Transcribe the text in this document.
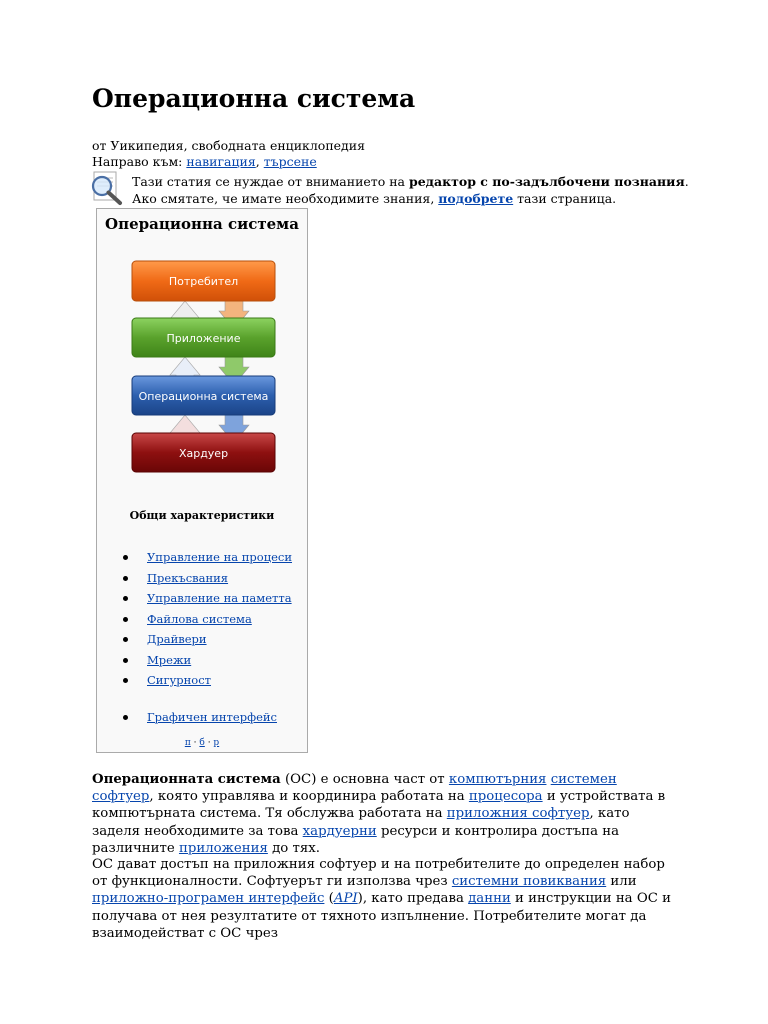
Операционна система
от Уикипедия, свободната енциклопедия
Направо към: навигация, търсене
Тази статия се нуждае от вниманието на редактор с по-задълбочени познания.
Ако смятате, че имате необходимите знания, подобрете тази страница.
Операционна система
Потребител
Приложение
Операционна система
Хардуер
Общи характеристики
Управление на процеси
Прекъсвания
Управление на паметта
Файлова система
Драйвери
Мрежи
Сигурност
Графичен интерфейс
п · б · р

Операционната система (ОС) е основна част от компютърния системен софтуер, която управлява и координира работата на процесора и устройствата в компютърната система. Тя обслужва работата на приложния софтуер, като заделя необходимите за това хардуерни ресурси и контролира достъпа на различните приложения до тях.

ОС дават достъп на приложния софтуер и на потребителите до определен набор от функционалности. Софтуерът ги използва чрез системни повиквания или приложно-програмен интерфейс (API), като предава данни и инструкции на ОС и получава от нея резултатите от тяхното изпълнение. Потребителите могат да взаимодействат с ОС чрез
